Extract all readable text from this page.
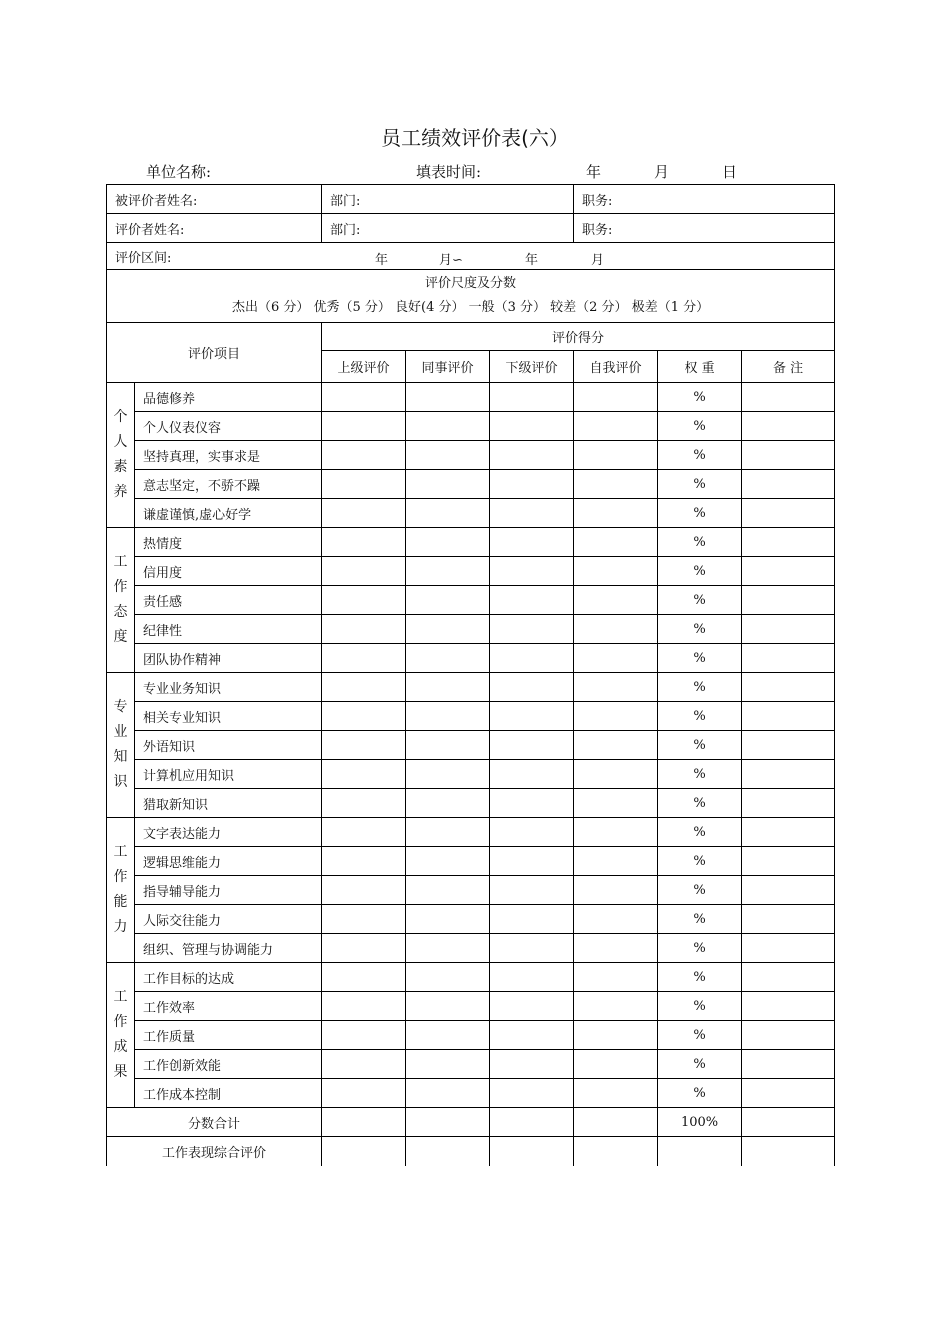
员工绩效评价表(六）
单位名称:	填表时间:	年	月	日
被评价者姓名:		部门:			职务:		
评价者姓名:		部门:			职务:		
评价区间: 年 月∽ 年 月							

评价尺度及分数
杰出（6 分） 优秀（5 分） 良好(4 分） 一般（3 分） 较差（2 分） 极差（1 分）							

评价项目		评价得分					
		上级评价	同事评价	下级评价	自我评价	权 重	备 注

个
人
素
养	品德修养					%	
	个人仪表仪容					%	
	坚持真理，实事求是					%	
	意志坚定，不骄不躁					%	
	谦虚谨慎,虚心好学					%	

工
作
态
度	热情度					%	
	信用度					%	
	责任感					%	
	纪律性					%	
	团队协作精神					%	

专
业
知
识	专业业务知识					%	
	相关专业知识					%	
	外语知识					%	
	计算机应用知识					%	
	猎取新知识					%	

工
作
能
力	文字表达能力					%	
	逻辑思维能力					%	
	指导辅导能力					%	
	人际交往能力					%	
	组织、管理与协调能力					%	

工
作
成
果	工作目标的达成					%	
	工作效率					%	
	工作质量					%	
	工作创新效能					%	
	工作成本控制					%	
分数合计						100%	
工作表现综合评价							
